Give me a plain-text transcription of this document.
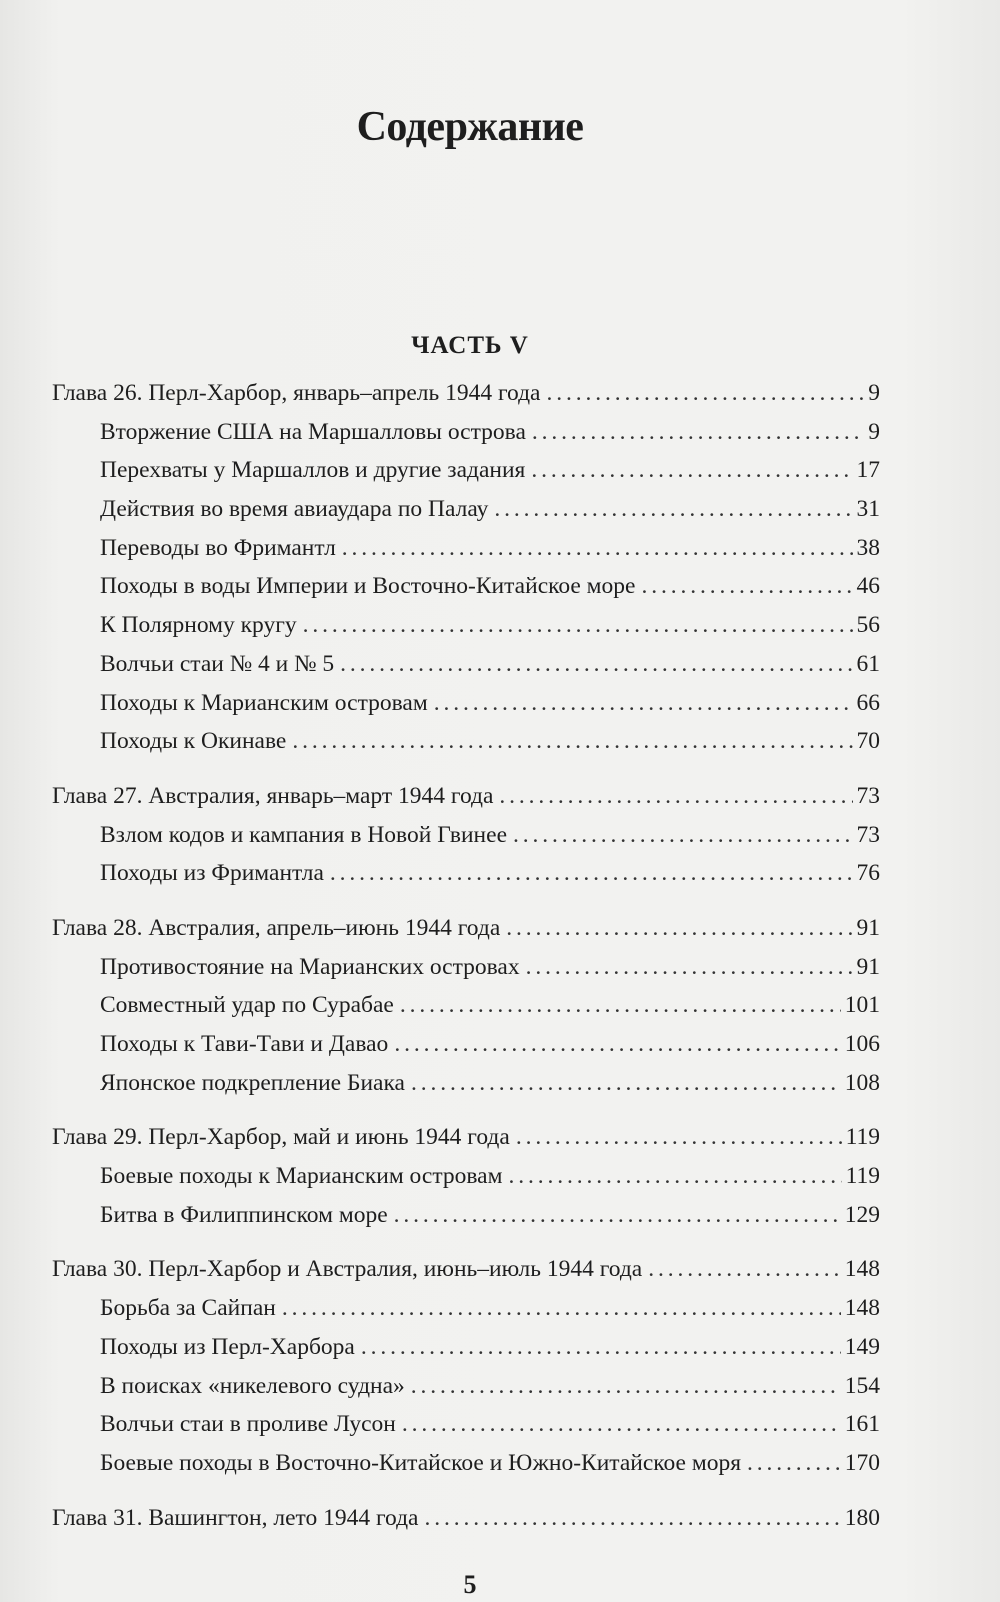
Содержание
ЧАСТЬ V
Глава 26. Перл-Харбор, январь–апрель 1944 года . . .	9
Вторжение США на Маршалловы острова . . .	9
Перехваты у Маршаллов и другие задания . . .	17
Действия во время авиаудара по Палау . . .	31
Переводы во Фримантл . . .	38
Походы в воды Империи и Восточно-Китайское море . . .	46
К Полярному кругу . . .	56
Волчьи стаи № 4 и № 5 . . .	61
Походы к Марианским островам . . .	66
Походы к Окинаве . . .	70
Глава 27. Австралия, январь–март 1944 года . . .	73
Взлом кодов и кампания в Новой Гвинее . . .	73
Походы из Фримантла . . .	76
Глава 28. Австралия, апрель–июнь 1944 года . . .	91
Противостояние на Марианских островах . . .	91
Совместный удар по Сурабае . . .	101
Походы к Тави-Тави и Давао . . .	106
Японское подкрепление Биака . . .	108
Глава 29. Перл-Харбор, май и июнь 1944 года . . .	119
Боевые походы к Марианским островам . . .	119
Битва в Филиппинском море . . .	129
Глава 30. Перл-Харбор и Австралия, июнь–июль 1944 года . . .	148
Борьба за Сайпан . . .	148
Походы из Перл-Харбора . . .	149
В поисках «никелевого судна» . . .	154
Волчьи стаи в проливе Лусон . . .	161
Боевые походы в Восточно-Китайское и Южно-Китайское моря . . .	170
Глава 31. Вашингтон, лето 1944 года . . .	180
5
